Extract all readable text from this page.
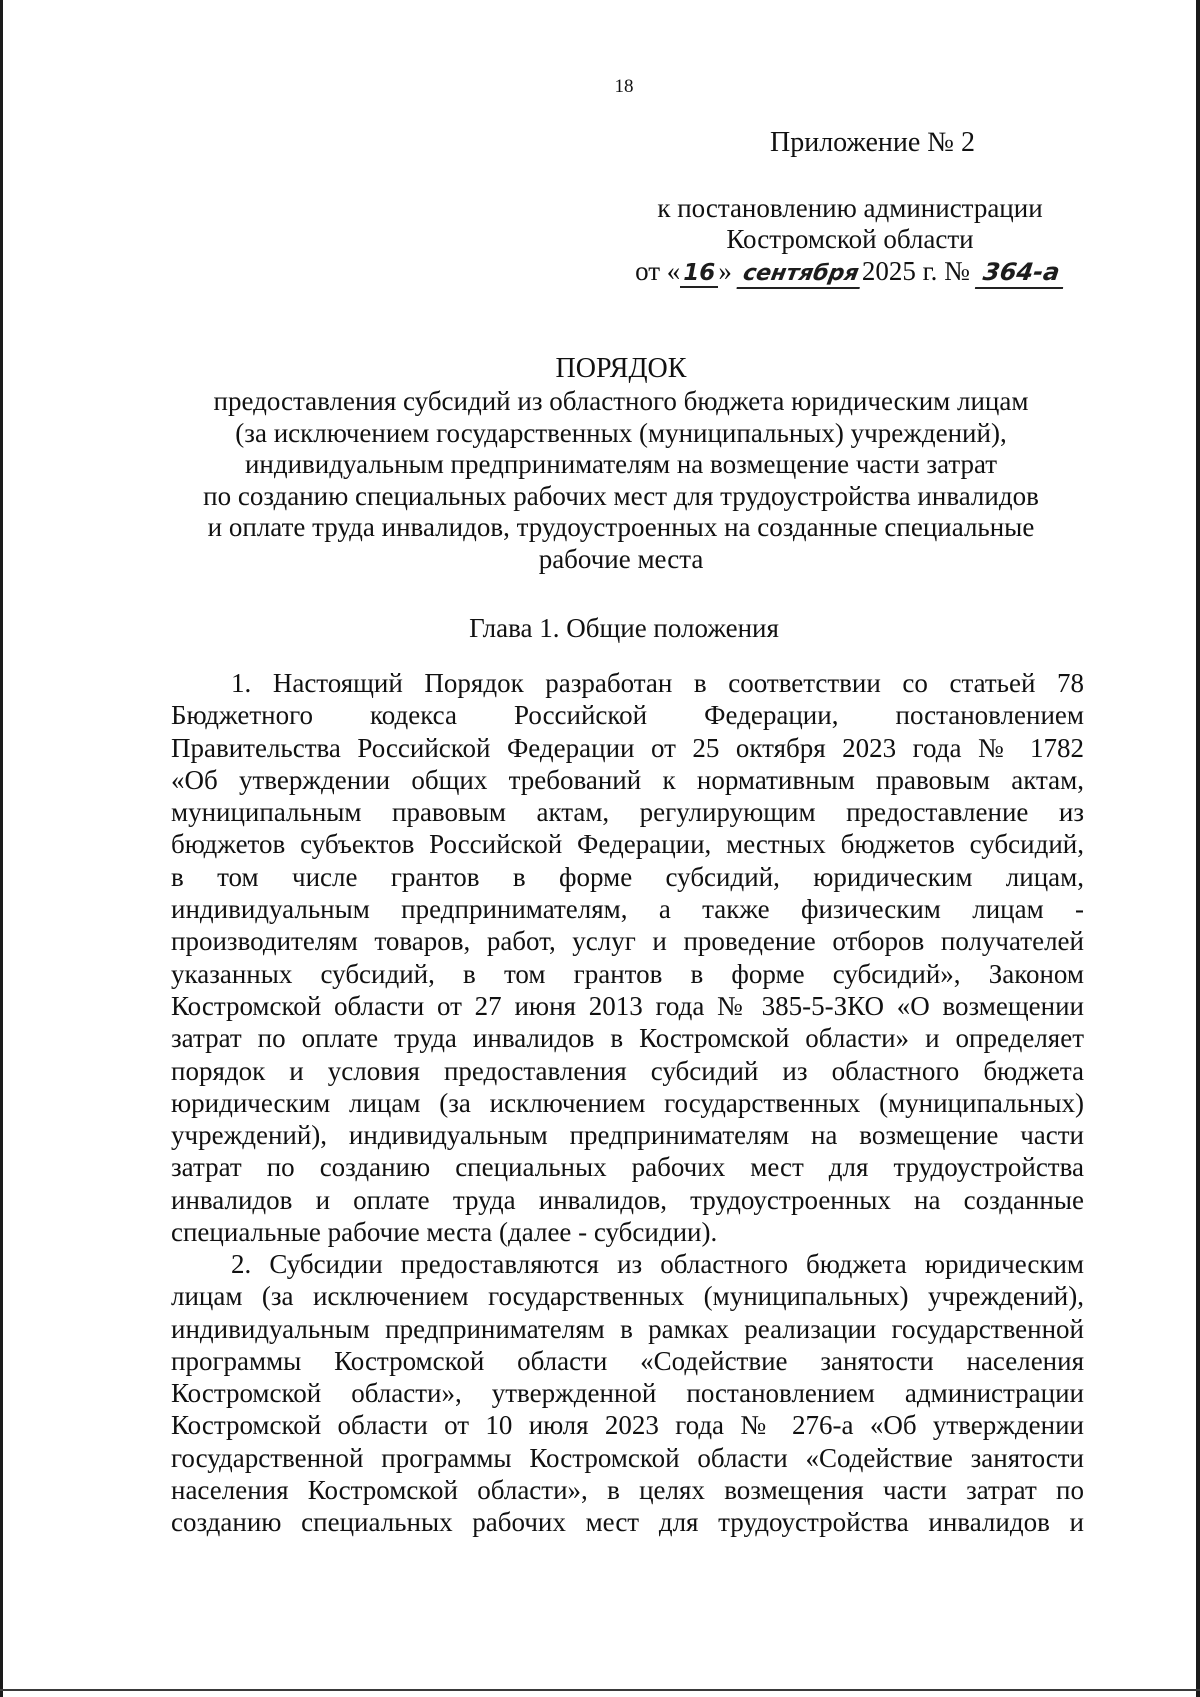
18
Приложение № 2
к постановлению администрации
Костромской области
от « 16 » сентября2025 г. № 364-а
ПОРЯДОК
предоставления субсидий из областного бюджета юридическим лицам
(за исключением государственных (муниципальных) учреждений),
индивидуальным предпринимателям на возмещение части затрат
по созданию специальных рабочих мест для трудоустройства инвалидов
и оплате труда инвалидов, трудоустроенных на созданные специальные
рабочие места
Глава 1. Общие положения
1. Настоящий Порядок разработан в соответствии со статьей 78
Бюджетного кодекса Российской Федерации, постановлением
Правительства Российской Федерации от 25 октября 2023 года № 1782
«Об утверждении общих требований к нормативным правовым актам,
муниципальным правовым актам, регулирующим предоставление из
бюджетов субъектов Российской Федерации, местных бюджетов субсидий,
в том числе грантов в форме субсидий, юридическим лицам,
индивидуальным предпринимателям, а также физическим лицам -
производителям товаров, работ, услуг и проведение отборов получателей
указанных субсидий, в том грантов в форме субсидий», Законом
Костромской области от 27 июня 2013 года № 385-5-ЗКО «О возмещении
затрат по оплате труда инвалидов в Костромской области» и определяет
порядок и условия предоставления субсидий из областного бюджета
юридическим лицам (за исключением государственных (муниципальных)
учреждений), индивидуальным предпринимателям на возмещение части
затрат по созданию специальных рабочих мест для трудоустройства
инвалидов и оплате труда инвалидов, трудоустроенных на созданные
специальные рабочие места (далее - субсидии).
2. Субсидии предоставляются из областного бюджета юридическим
лицам (за исключением государственных (муниципальных) учреждений),
индивидуальным предпринимателям в рамках реализации государственной
программы Костромской области «Содействие занятости населения
Костромской области», утвержденной постановлением администрации
Костромской области от 10 июля 2023 года № 276-а «Об утверждении
государственной программы Костромской области «Содействие занятости
населения Костромской области», в целях возмещения части затрат по
созданию специальных рабочих мест для трудоустройства инвалидов и
